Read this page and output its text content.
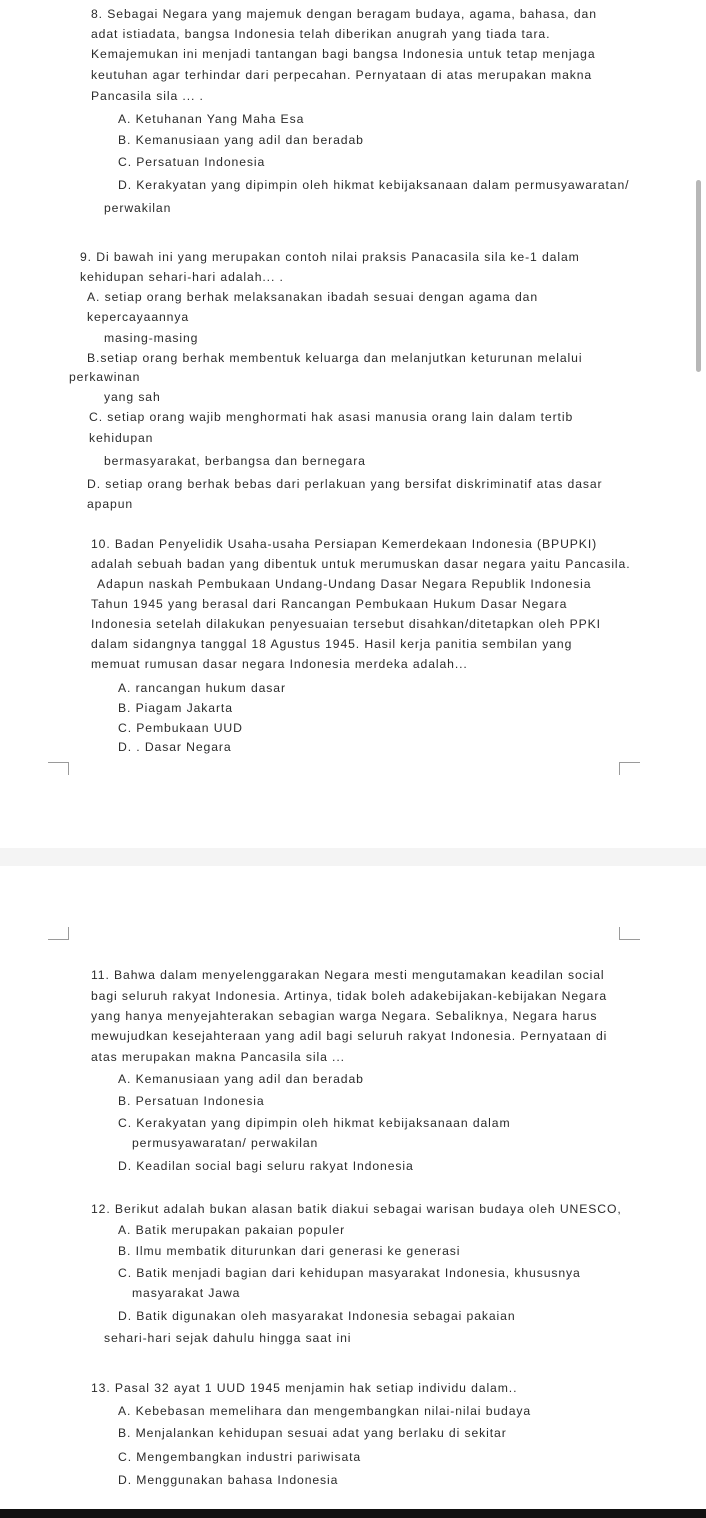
8. Sebagai Negara yang majemuk dengan beragam budaya, agama, bahasa, dan
adat istiadata, bangsa Indonesia telah diberikan anugrah yang tiada tara.
Kemajemukan ini menjadi tantangan bagi bangsa Indonesia untuk tetap menjaga
keutuhan agar terhindar dari perpecahan. Pernyataan di atas merupakan makna
Pancasila sila ... .
A. Ketuhanan Yang Maha Esa
B. Kemanusiaan yang adil dan beradab
C. Persatuan Indonesia
D. Kerakyatan yang dipimpin oleh hikmat kebijaksanaan dalam permusyawaratan/
perwakilan
9. Di bawah ini yang merupakan contoh nilai praksis Panacasila sila ke-1 dalam
kehidupan sehari-hari adalah... .
A. setiap orang berhak melaksanakan ibadah sesuai dengan agama dan
kepercayaannya
masing-masing
B.setiap orang berhak membentuk keluarga dan melanjutkan keturunan melalui
perkawinan
yang sah
C. setiap orang wajib menghormati hak asasi manusia orang lain dalam tertib
kehidupan
bermasyarakat, berbangsa dan bernegara
D. setiap orang berhak bebas dari perlakuan yang bersifat diskriminatif atas dasar
apapun
10. Badan Penyelidik Usaha-usaha Persiapan Kemerdekaan Indonesia (BPUPKI)
adalah sebuah badan yang dibentuk untuk merumuskan dasar negara yaitu Pancasila.
Adapun naskah Pembukaan Undang-Undang Dasar Negara Republik Indonesia
Tahun 1945 yang berasal dari Rancangan Pembukaan Hukum Dasar Negara
Indonesia setelah dilakukan penyesuaian tersebut disahkan/ditetapkan oleh PPKI
dalam sidangnya tanggal 18 Agustus 1945. Hasil kerja panitia sembilan yang
memuat rumusan dasar negara Indonesia merdeka adalah...
A. rancangan hukum dasar
B. Piagam Jakarta
C. Pembukaan UUD
D. . Dasar Negara
11. Bahwa dalam menyelenggarakan Negara mesti mengutamakan keadilan social
bagi seluruh rakyat Indonesia. Artinya, tidak boleh adakebijakan-kebijakan Negara
yang hanya menyejahterakan sebagian warga Negara. Sebaliknya, Negara harus
mewujudkan kesejahteraan yang adil bagi seluruh rakyat Indonesia. Pernyataan di
atas merupakan makna Pancasila sila ...
A. Kemanusiaan yang adil dan beradab
B. Persatuan Indonesia
C. Kerakyatan yang dipimpin oleh hikmat kebijaksanaan dalam
permusyawaratan/ perwakilan
D. Keadilan social bagi seluru rakyat Indonesia
12. Berikut adalah bukan alasan batik diakui sebagai warisan budaya oleh UNESCO,
A. Batik merupakan pakaian populer
B. Ilmu membatik diturunkan dari generasi ke generasi
C. Batik menjadi bagian dari kehidupan masyarakat Indonesia, khususnya
masyarakat Jawa
D. Batik digunakan oleh masyarakat Indonesia sebagai pakaian
sehari-hari sejak dahulu hingga saat ini
13. Pasal 32 ayat 1 UUD 1945 menjamin hak setiap individu dalam..
A. Kebebasan memelihara dan mengembangkan nilai-nilai budaya
B. Menjalankan kehidupan sesuai adat yang berlaku di sekitar
C. Mengembangkan industri pariwisata
D. Menggunakan bahasa Indonesia
